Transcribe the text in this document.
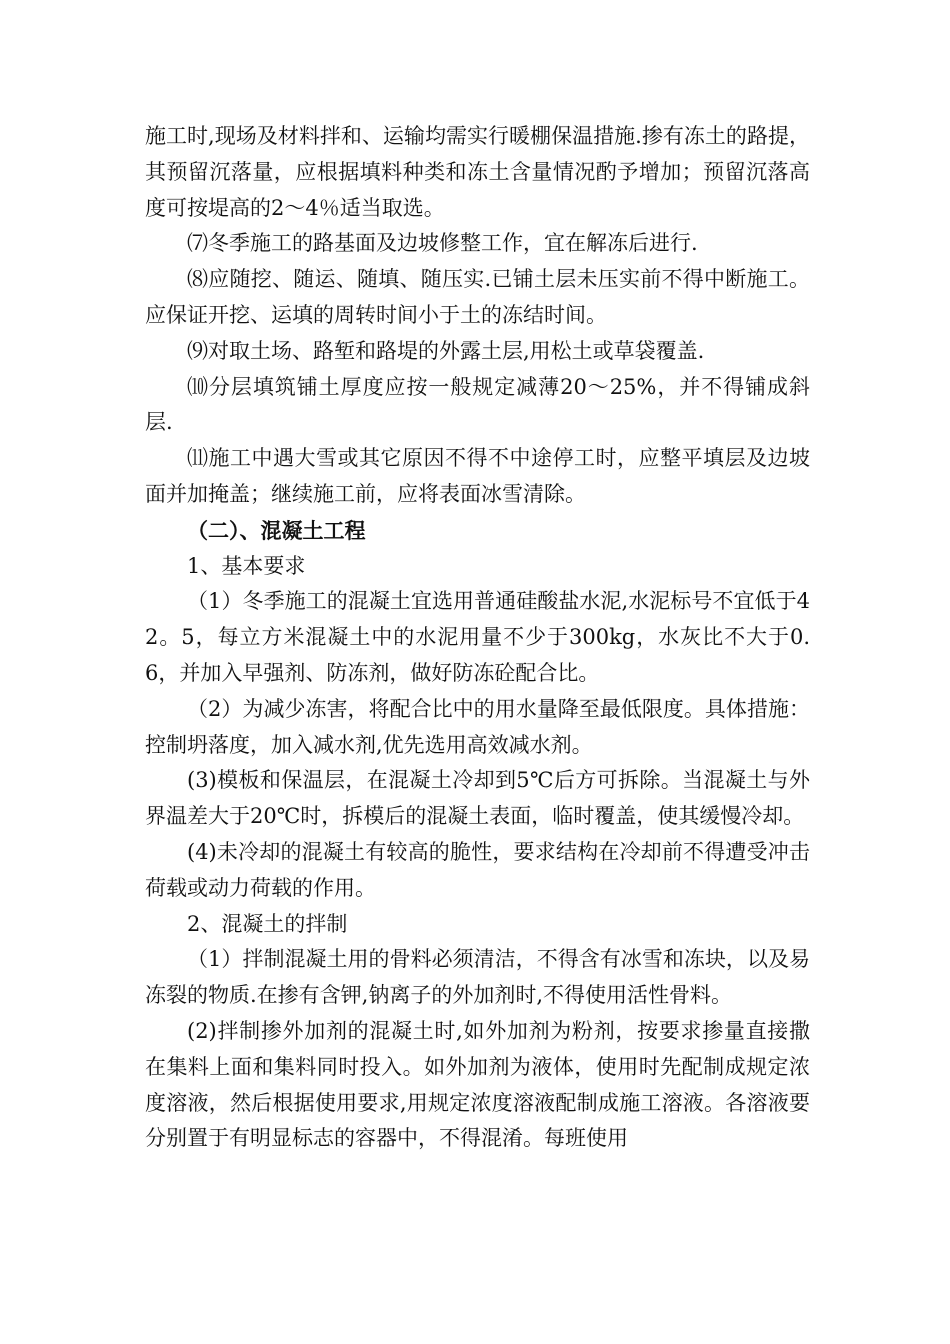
施工时,现场及材料拌和、运输均需实行暖棚保温措施.掺有冻土的路提，其预留沉落量，应根据填料种类和冻土含量情况酌予增加；预留沉落高度可按堤高的2～4％适当取选。

⑺冬季施工的路基面及边坡修整工作，宜在解冻后进行.

⑻应随挖、随运、随填、随压实.已铺土层未压实前不得中断施工。应保证开挖、运填的周转时间小于土的冻结时间。

⑼对取土场、路堑和路堤的外露土层,用松土或草袋覆盖.

⑽分层填筑铺土厚度应按一般规定减薄20～25%，并不得铺成斜层.

⑾施工中遇大雪或其它原因不得不中途停工时，应整平填层及边坡面并加掩盖；继续施工前，应将表面冰雪清除。

（二）、混凝土工程

1、基本要求

（1）冬季施工的混凝土宜选用普通硅酸盐水泥,水泥标号不宜低于42。5，每立方米混凝土中的水泥用量不少于300kg，水灰比不大于0.6，并加入早强剂、防冻剂，做好防冻砼配合比。

（2）为减少冻害，将配合比中的用水量降至最低限度。具体措施：控制坍落度，加入减水剂,优先选用高效减水剂。

(3)模板和保温层，在混凝土冷却到5℃后方可拆除。当混凝土与外界温差大于20℃时，拆模后的混凝土表面，临时覆盖，使其缓慢冷却。

(4)未冷却的混凝土有较高的脆性，要求结构在冷却前不得遭受冲击荷载或动力荷载的作用。

2、混凝土的拌制

（1）拌制混凝土用的骨料必须清洁，不得含有冰雪和冻块，以及易冻裂的物质.在掺有含钾,钠离子的外加剂时,不得使用活性骨料。

(2)拌制掺外加剂的混凝土时,如外加剂为粉剂，按要求掺量直接撒在集料上面和集料同时投入。如外加剂为液体，使用时先配制成规定浓度溶液，然后根据使用要求,用规定浓度溶液配制成施工溶液。各溶液要分别置于有明显标志的容器中，不得混淆。每班使用
